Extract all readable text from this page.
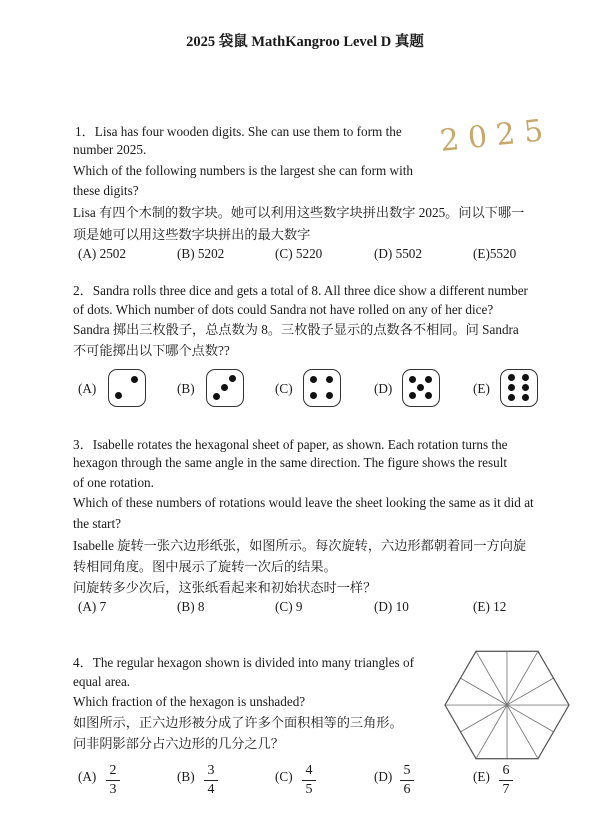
2025 袋鼠 MathKangroo Level D 真题
2025
1．Lisa has four wooden digits. She can use them to form the
number 2025.
Which of the following numbers is the largest she can form with
these digits?
Lisa 有四个木制的数字块。她可以利用这些数字块拼出数字 2025。问以下哪一
项是她可以用这些数字块拼出的最大数字
(A) 2502	(B) 5202	(C) 5220	(D) 5502	(E)5520
2．Sandra rolls three dice and gets a total of 8. All three dice show a different number
of dots. Which number of dots could Sandra not have rolled on any of her dice?
Sandra 掷出三枚骰子，总点数为 8。三枚骰子显示的点数各不相同。问 Sandra
不可能掷出以下哪个点数??
(A)	(B)	(C)	(D)	(E)
3．Isabelle rotates the hexagonal sheet of paper, as shown. Each rotation turns the
hexagon through the same angle in the same direction. The figure shows the result
of one rotation.
Which of these numbers of rotations would leave the sheet looking the same as it did at
the start?
Isabelle 旋转一张六边形纸张，如图所示。每次旋转，六边形都朝着同一方向旋
转相同角度。图中展示了旋转一次后的结果。
问旋转多少次后，这张纸看起来和初始状态时一样？
(A) 7	(B) 8	(C) 9	(D) 10	(E) 12
4．The regular hexagon shown is divided into many triangles of
equal area.
Which fraction of the hexagon is unshaded?
如图所示，正六边形被分成了许多个面积相等的三角形。
问非阴影部分占六边形的几分之几？
(A) 2
3
(B) 3
4
(C) 4
5
(D) 5
6
(E) 6
7
